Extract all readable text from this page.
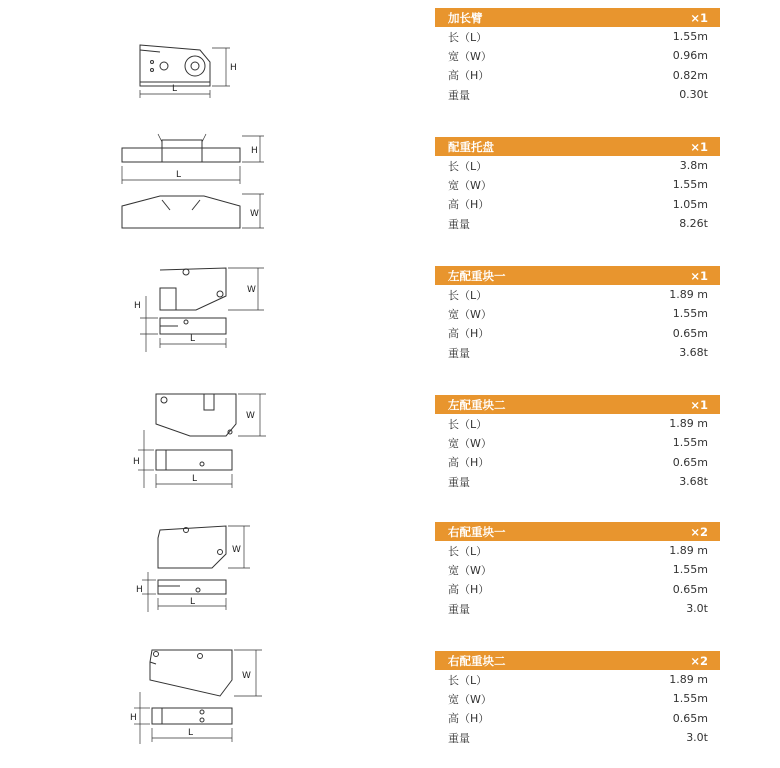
H
L
加长臂	×1
长（L）	1.55m
宽（W）	0.96m
高（H）	0.82m
重量	0.30t
L
H
W
配重托盘	×1
长（L）	3.8m
宽（W）	1.55m
高（H）	1.05m
重量	8.26t
W
L
H
左配重块一	×1
长（L）	1.89 m
宽（W）	1.55m
高（H）	0.65m
重量	3.68t
W
L
H
左配重块二	×1
长（L）	1.89 m
宽（W）	1.55m
高（H）	0.65m
重量	3.68t
W
L
H
右配重块一	×2
长（L）	1.89 m
宽（W）	1.55m
高（H）	0.65m
重量	3.0t
W
L
H
右配重块二	×2
长（L）	1.89 m
宽（W）	1.55m
高（H）	0.65m
重量	3.0t
